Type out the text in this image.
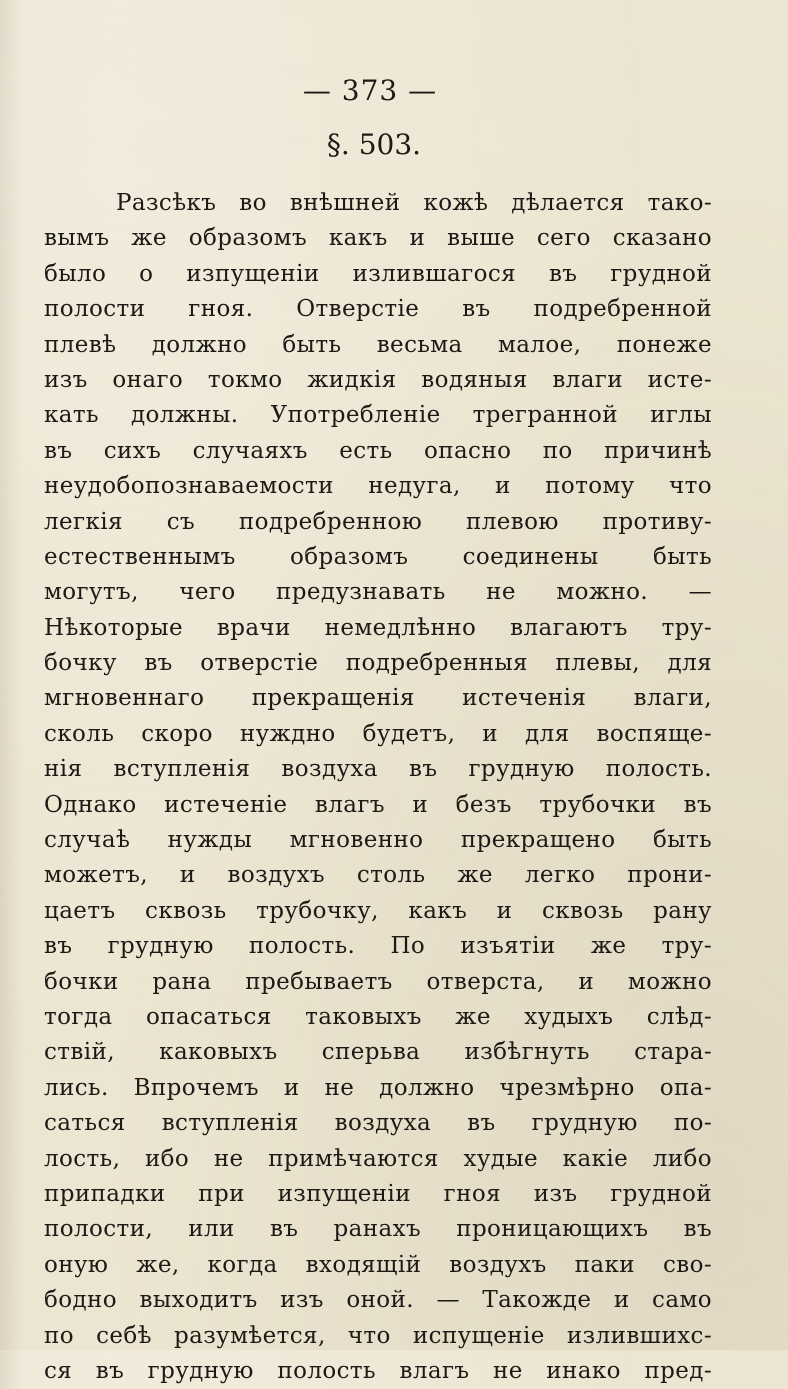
— 373 —
§. 503.
Разсѣкъ во внѣшней кожѣ дѣлается тако-
вымъ же образомъ какъ и выше сего сказано
было о изпущеніи излившагося въ грудной
полости гноя. Отверстіе въ подребренной
плевѣ должно быть весьма малое, понеже
изъ онаго токмо жидкія водяныя влаги исте-
кать должны. Употребленіе трегранной иглы
въ сихъ случаяхъ есть опасно по причинѣ
неудобопознаваемости недуга, и потому что
легкія съ подребренною плевою противу-
естественнымъ образомъ соединены быть
могутъ, чего предузнавать не можно. —
Нѣкоторые врачи немедлѣнно влагаютъ тру-
бочку въ отверстіе подребренныя плевы, для
мгновеннаго прекращенія истеченія влаги,
сколь скоро нуждно будетъ, и для воспяще-
нія вступленія воздуха въ грудную полость.
Однако истеченіе влагъ и безъ трубочки въ
случаѣ нужды мгновенно прекращено быть
можетъ, и воздухъ столь же легко прони-
цаетъ сквозь трубочку, какъ и сквозь рану
въ грудную полость. По изъятіи же тру-
бочки рана пребываетъ отверста, и можно
тогда опасаться таковыхъ же худыхъ слѣд-
ствій, каковыхъ сперьва избѣгнуть стара-
лись. Впрочемъ и не должно чрезмѣрно опа-
саться вступленія воздуха въ грудную по-
лость, ибо не примѣчаются худые какіе либо
припадки при изпущеніи гноя изъ грудной
полости, или въ ранахъ проницающихъ въ
оную же, когда входящій воздухъ паки сво-
бодно выходитъ изъ оной. — Такожде и само
по себѣ разумѣется, что испущеніе излившихс-
ся въ грудную полость влагъ не инако пред-
